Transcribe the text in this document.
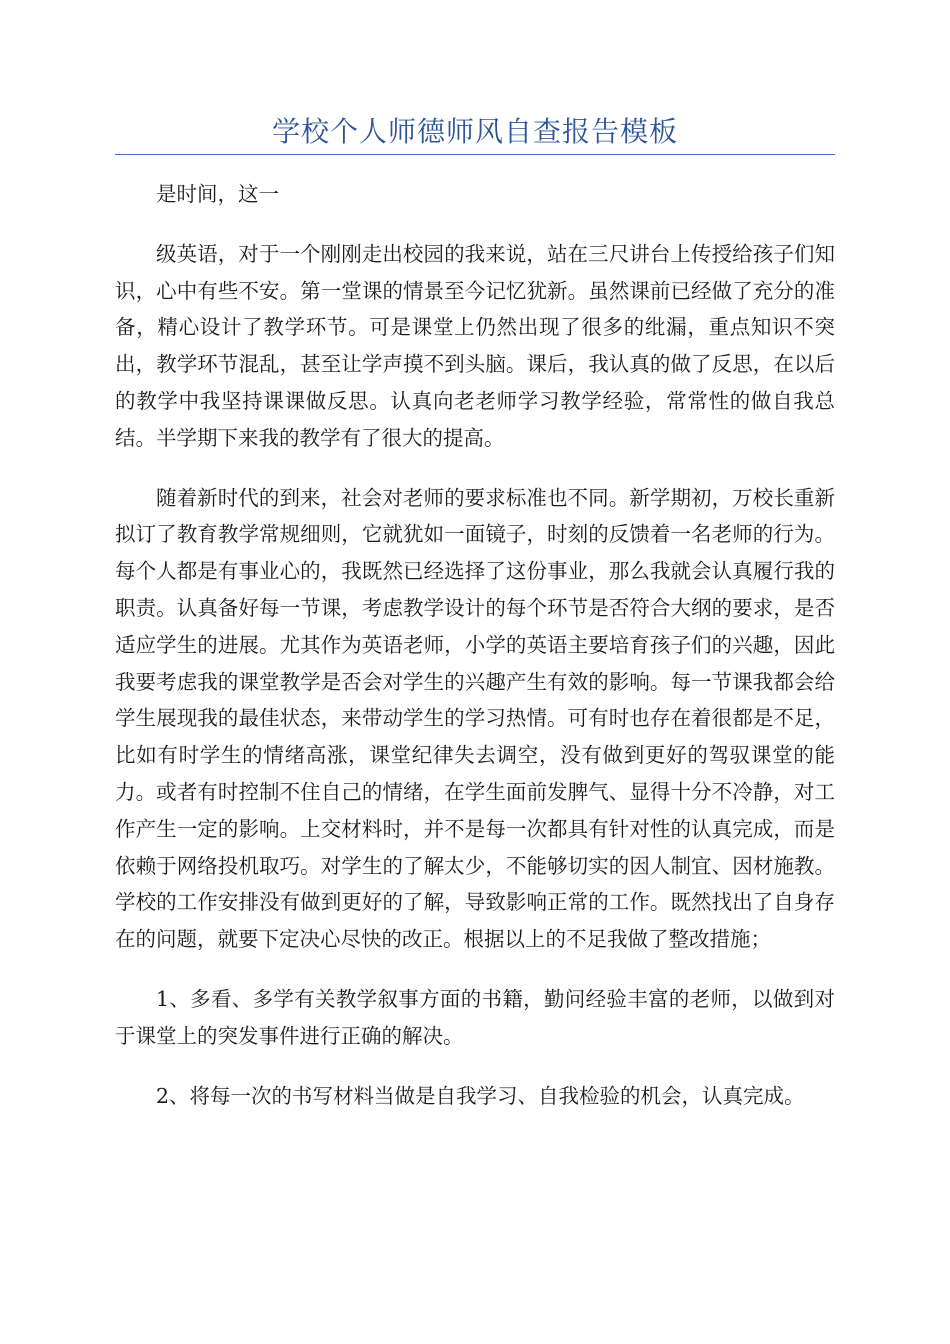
学校个人师德师风自查报告模板

是时间，这一

级英语，对于一个刚刚走出校园的我来说，站在三尺讲台上传授给孩子们知识，心中有些不安。第一堂课的情景至今记忆犹新。虽然课前已经做了充分的准备，精心设计了教学环节。可是课堂上仍然出现了很多的纰漏，重点知识不突出，教学环节混乱，甚至让学声摸不到头脑。课后，我认真的做了反思，在以后的教学中我坚持课课做反思。认真向老老师学习教学经验，常常性的做自我总结。半学期下来我的教学有了很大的提高。

随着新时代的到来，社会对老师的要求标准也不同。新学期初，万校长重新拟订了教育教学常规细则，它就犹如一面镜子，时刻的反馈着一名老师的行为。每个人都是有事业心的，我既然已经选择了这份事业，那么我就会认真履行我的职责。认真备好每一节课，考虑教学设计的每个环节是否符合大纲的要求，是否适应学生的进展。尤其作为英语老师，小学的英语主要培育孩子们的兴趣，因此我要考虑我的课堂教学是否会对学生的兴趣产生有效的影响。每一节课我都会给学生展现我的最佳状态，来带动学生的学习热情。可有时也存在着很都是不足，比如有时学生的情绪高涨，课堂纪律失去调空，没有做到更好的驾驭课堂的能力。或者有时控制不住自己的情绪，在学生面前发脾气、显得十分不冷静，对工作产生一定的影响。上交材料时，并不是每一次都具有针对性的认真完成，而是依赖于网络投机取巧。对学生的了解太少，不能够切实的因人制宜、因材施教。学校的工作安排没有做到更好的了解，导致影响正常的工作。既然找出了自身存在的问题，就要下定决心尽快的改正。根据以上的不足我做了整改措施；

1、多看、多学有关教学叙事方面的书籍，勤问经验丰富的老师，以做到对于课堂上的突发事件进行正确的解决。

2、将每一次的书写材料当做是自我学习、自我检验的机会，认真完成。
